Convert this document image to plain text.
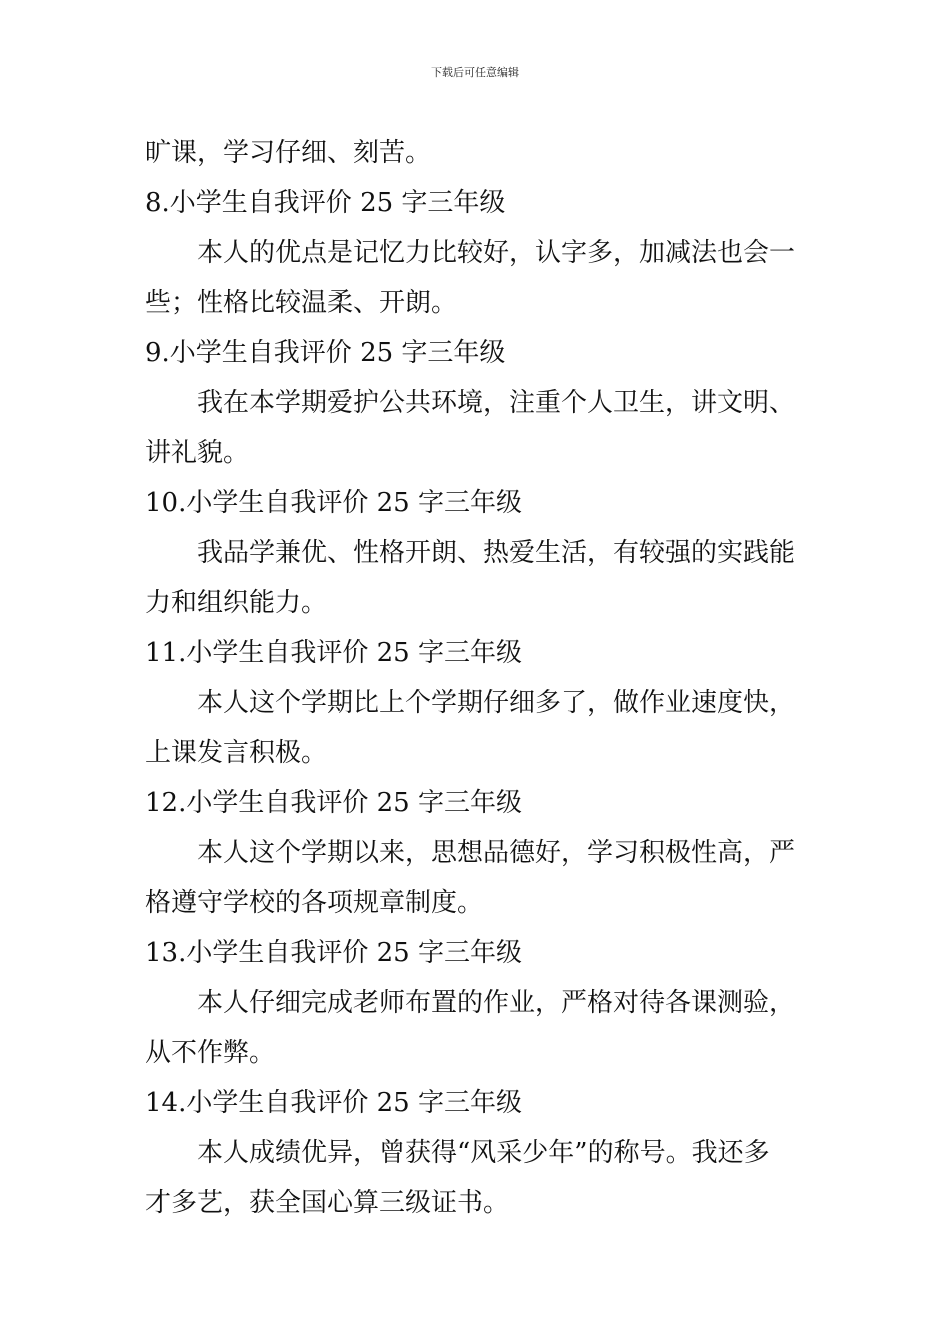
下载后可任意编辑
旷课，学习仔细、刻苦。
8.小学生自我评价 25 字三年级
本人的优点是记忆力比较好，认字多，加减法也会一
些；性格比较温柔、开朗。
9.小学生自我评价 25 字三年级
我在本学期爱护公共环境，注重个人卫生，讲文明、
讲礼貌。
10.小学生自我评价 25 字三年级
我品学兼优、性格开朗、热爱生活，有较强的实践能
力和组织能力。
11.小学生自我评价 25 字三年级
本人这个学期比上个学期仔细多了，做作业速度快，
上课发言积极。
12.小学生自我评价 25 字三年级
本人这个学期以来，思想品德好，学习积极性高，严
格遵守学校的各项规章制度。
13.小学生自我评价 25 字三年级
本人仔细完成老师布置的作业，严格对待各课测验，
从不作弊。
14.小学生自我评价 25 字三年级
本人成绩优异，曾获得“风采少年”的称号。我还多
才多艺，获全国心算三级证书。
